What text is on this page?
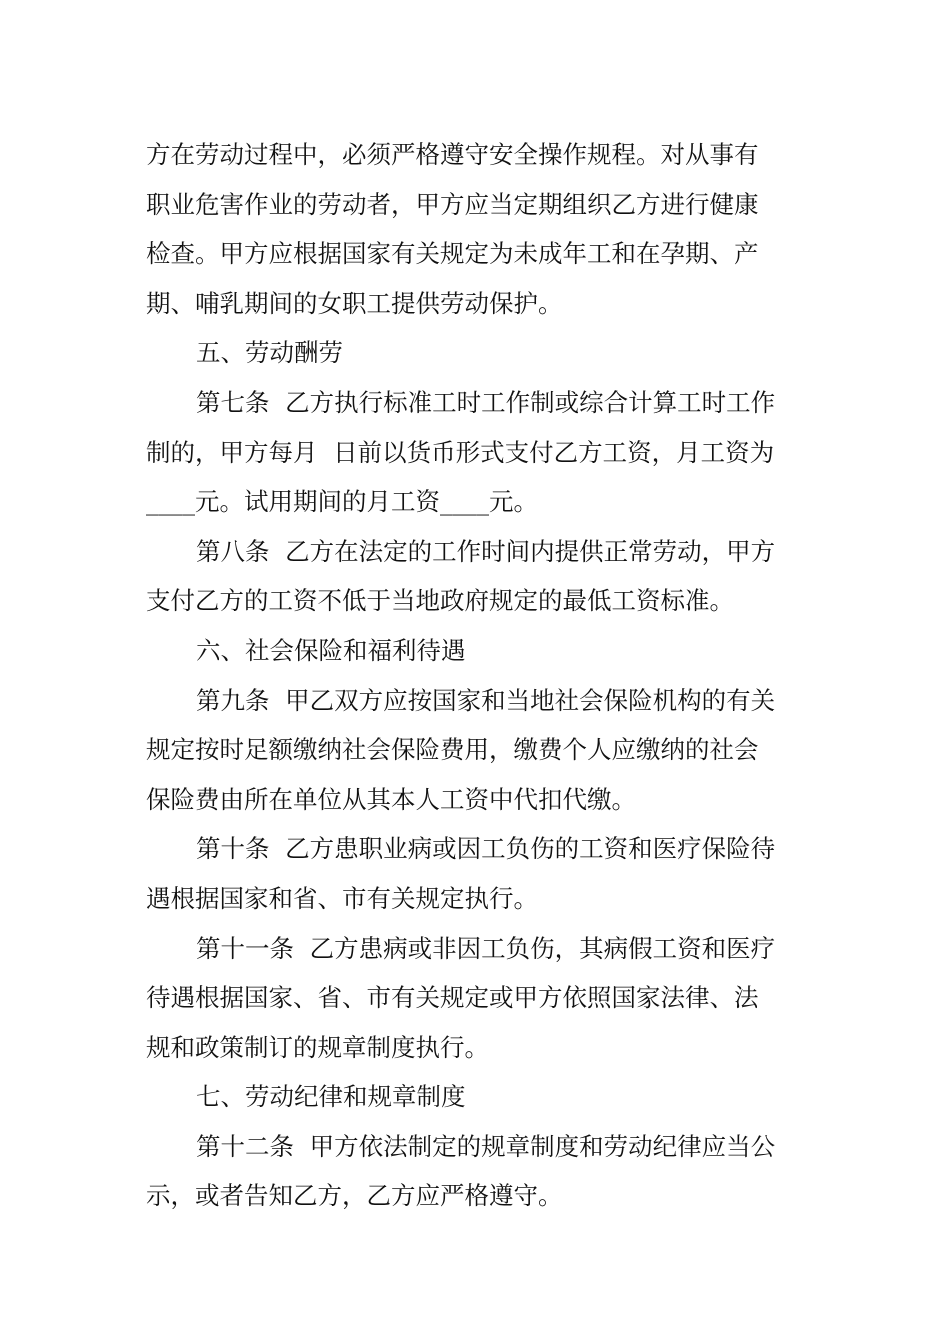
方在劳动过程中，必须严格遵守安全操作规程。对从事有
职业危害作业的劳动者，甲方应当定期组织乙方进行健康
检查。甲方应根据国家有关规定为未成年工和在孕期、产
期、哺乳期间的女职工提供劳动保护。
五、劳动酬劳
第七条  乙方执行标准工时工作制或综合计算工时工作
制的，甲方每月  日前以货币形式支付乙方工资，月工资为
____元。试用期间的月工资____元。
第八条  乙方在法定的工作时间内提供正常劳动，甲方
支付乙方的工资不低于当地政府规定的最低工资标准。
六、社会保险和福利待遇
第九条  甲乙双方应按国家和当地社会保险机构的有关
规定按时足额缴纳社会保险费用，缴费个人应缴纳的社会
保险费由所在单位从其本人工资中代扣代缴。
第十条  乙方患职业病或因工负伤的工资和医疗保险待
遇根据国家和省、市有关规定执行。
第十一条  乙方患病或非因工负伤，其病假工资和医疗
待遇根据国家、省、市有关规定或甲方依照国家法律、法
规和政策制订的规章制度执行。
七、劳动纪律和规章制度
第十二条  甲方依法制定的规章制度和劳动纪律应当公
示，或者告知乙方，乙方应严格遵守。
